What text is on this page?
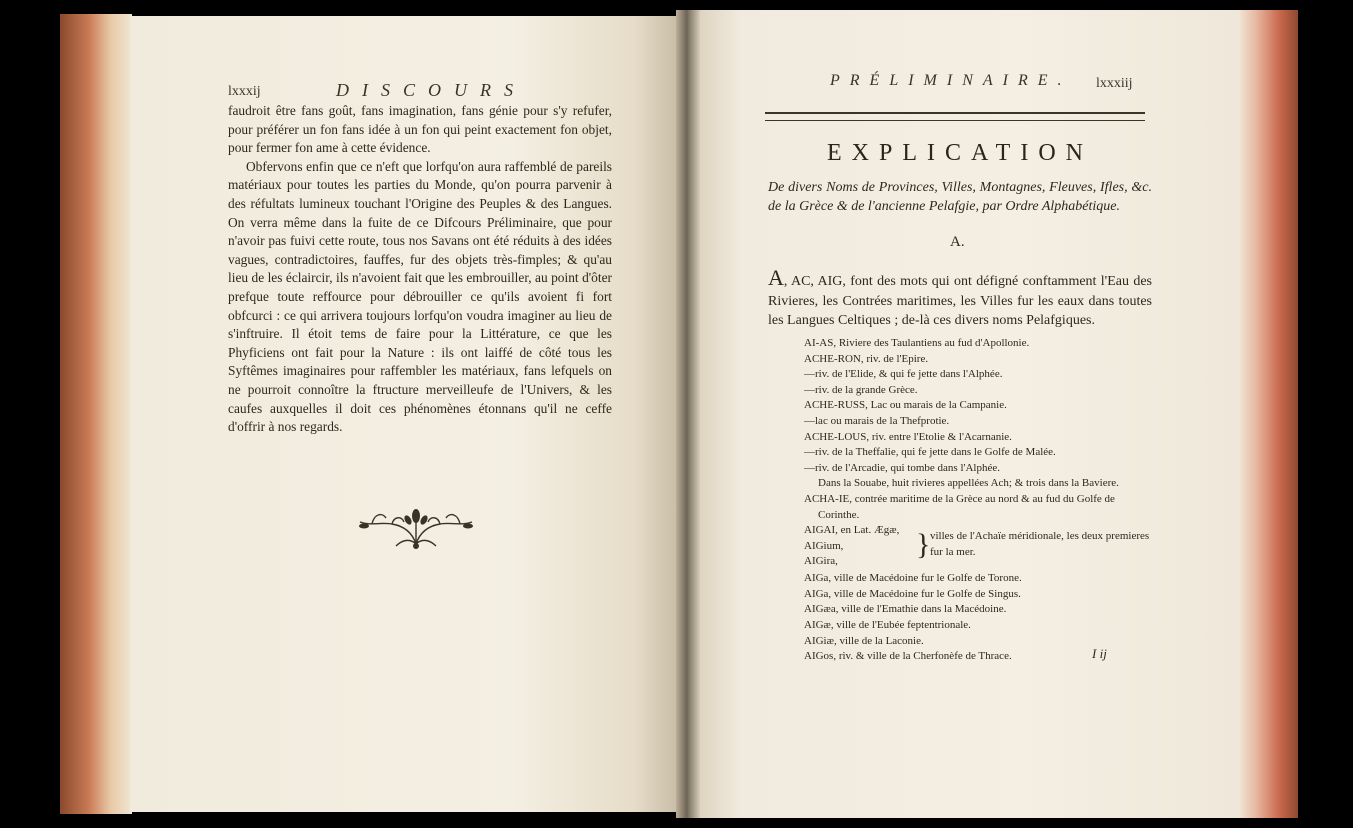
lxxxij	DISCOURS

faudroit être fans goût, fans imagination, fans génie pour s'y refufer, pour préférer un fon fans idée à un fon qui peint exactement fon objet, pour fermer fon ame à cette évidence.

Obfervons enfin que ce n'eft que lorfqu'on aura raffemblé de pareils matériaux pour toutes les parties du Monde, qu'on pourra parvenir à des réfultats lumineux touchant l'Origine des Peuples & des Langues. On verra même dans la fuite de ce Difcours Préliminaire, que pour n'avoir pas fuivi cette route, tous nos Savans ont été réduits à des idées vagues, contradictoires, fauffes, fur des objets très-fimples; & qu'au lieu de les éclaircir, ils n'avoient fait que les embrouiller, au point d'ôter prefque toute reffource pour débrouiller ce qu'ils avoient fi fort obfcurci : ce qui arrivera toujours lorfqu'on voudra imaginer au lieu de s'inftruire. Il étoit tems de faire pour la Littérature, ce que les Phyficiens ont fait pour la Nature : ils ont laiffé de côté tous les Syftêmes imaginaires pour raffembler les matériaux, fans lefquels on ne pourroit connoître la ftructure merveilleufe de l'Univers, & les caufes auxquelles il doit ces phénomènes étonnans qu'il ne ceffe d'offrir à nos regards.

PRÉLIMINAIRE. lxxxiij
EXPLICATION
De divers Noms de Provinces, Villes, Montagnes, Fleuves, Ifles, &c. de la Grèce & de l'ancienne Pelafgie, par Ordre Alphabétique.
A.
A, AC, AIG, font des mots qui ont défigné conftamment l'Eau des Rivieres, les Contrées maritimes, les Villes fur les eaux dans toutes les Langues Celtiques ; de-là ces divers noms Pelafgiques.
AI-AS, Riviere des Taulantiens au fud d'Apollonie.
ACHE-RON, riv. de l'Epire.
—riv. de l'Elide, & qui fe jette dans l'Alphée.
—riv. de la grande Grèce.
ACHE-RUSS, Lac ou marais de la Campanie.
—lac ou marais de la Thefprotie.
ACHE-LOUS, riv. entre l'Etolie & l'Acarnanie.
—riv. de la Theffalie, qui fe jette dans le Golfe de Malée.
—riv. de l'Arcadie, qui tombe dans l'Alphée.
Dans la Souabe, huit rivieres appellées Ach; & trois dans la Baviere.
ACHA-IE, contrée maritime de la Grèce au nord & au fud du Golfe de
Corinthe.
AIGAI, en Lat. Ægæ,
AIGium,
AIGira,
} villes de l'Achaïe méridionale, les deux premieres fur la mer.
AIGa, ville de Macédoine fur le Golfe de Torone.
AIGa, ville de Macédoine fur le Golfe de Singus.
AIGæa, ville de l'Emathie dans la Macédoine.
AIGæ, ville de l'Eubée feptentrionale.
AIGiæ, ville de la Laconie.
AIGos, riv. & ville de la Cherfonèfe de Thrace.	I ij
